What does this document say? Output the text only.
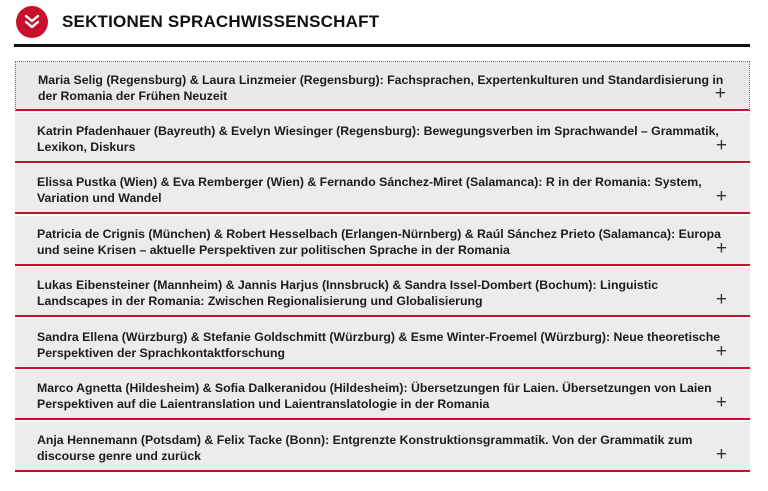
SEKTIONEN SPRACHWISSENSCHAFT
Maria Selig (Regensburg) & Laura Linzmeier (Regensburg): Fachsprachen, Expertenkulturen und Standardisierung in der Romania der Frühen Neuzeit	+
Katrin Pfadenhauer (Bayreuth) & Evelyn Wiesinger (Regensburg): Bewegungsverben im Sprachwandel – Grammatik, Lexikon, Diskurs	+
Elissa Pustka (Wien) & Eva Remberger (Wien) & Fernando Sánchez-Miret (Salamanca): R in der Romania: System, Variation und Wandel	+
Patricia de Crignis (München) & Robert Hesselbach (Erlangen-Nürnberg) & Raúl Sánchez Prieto (Salamanca): Europa und seine Krisen – aktuelle Perspektiven zur politischen Sprache in der Romania	+
Lukas Eibensteiner (Mannheim) & Jannis Harjus (Innsbruck) & Sandra Issel-Dombert (Bochum): Linguistic Landscapes in der Romania: Zwischen Regionalisierung und Globalisierung	+
Sandra Ellena (Würzburg) & Stefanie Goldschmitt (Würzburg) & Esme Winter-Froemel (Würzburg): Neue theoretische Perspektiven der Sprachkontaktforschung	+
Marco Agnetta (Hildesheim) & Sofia Dalkeranidou (Hildesheim): Übersetzungen für Laien. Übersetzungen von Laien Perspektiven auf die Laientranslation und Laientranslatologie in der Romania	+
Anja Hennemann (Potsdam) & Felix Tacke (Bonn): Entgrenzte Konstruktionsgrammatik. Von der Grammatik zum discourse genre und zurück	+
